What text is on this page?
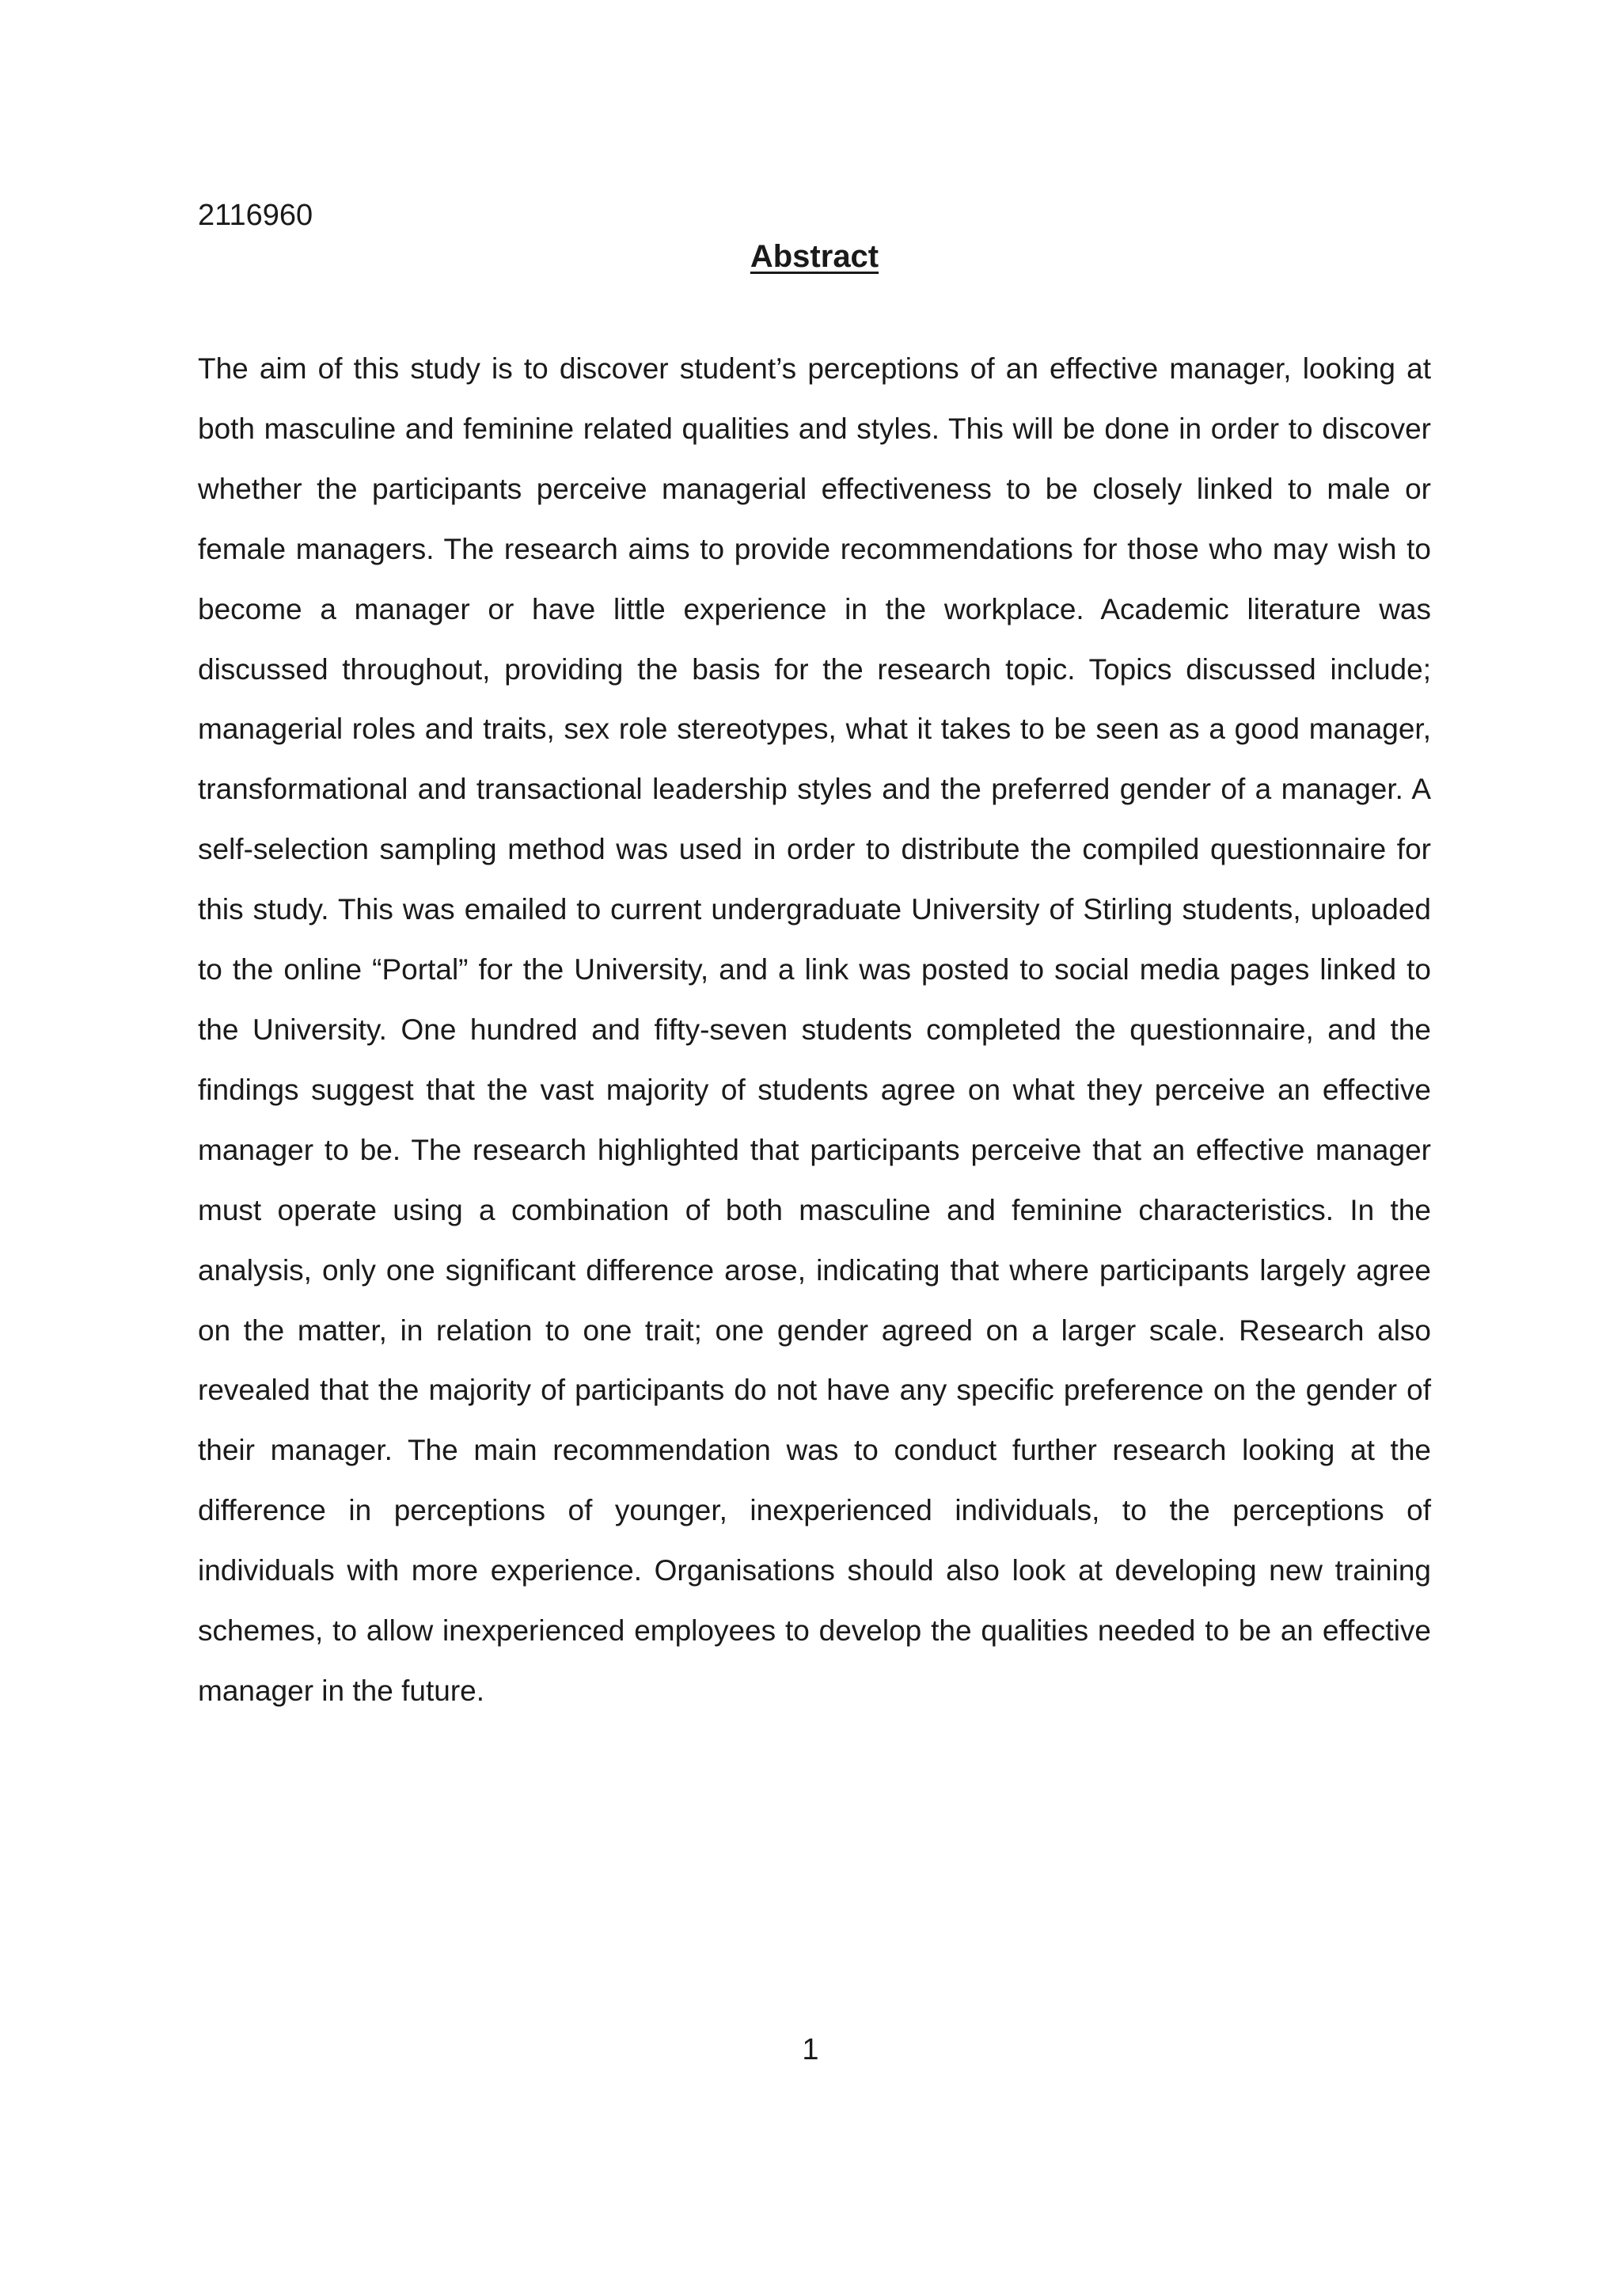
2116960

Abstract

The aim of this study is to discover student’s perceptions of an effective manager, looking at both masculine and feminine related qualities and styles. This will be done in order to discover whether the participants perceive managerial effectiveness to be closely linked to male or female managers. The research aims to provide recommendations for those who may wish to become a manager or have little experience in the workplace. Academic literature was discussed throughout, providing the basis for the research topic. Topics discussed include; managerial roles and traits, sex role stereotypes, what it takes to be seen as a good manager, transformational and transactional leadership styles and the preferred gender of a manager. A self-selection sampling method was used in order to distribute the compiled questionnaire for this study. This was emailed to current undergraduate University of Stirling students, uploaded to the online “Portal” for the University, and a link was posted to social media pages linked to the University. One hundred and fifty-seven students completed the questionnaire, and the findings suggest that the vast majority of students agree on what they perceive an effective manager to be. The research highlighted that participants perceive that an effective manager must operate using a combination of both masculine and feminine characteristics. In the analysis, only one significant difference arose, indicating that where participants largely agree on the matter, in relation to one trait; one gender agreed on a larger scale. Research also revealed that the majority of participants do not have any specific preference on the gender of their manager. The main recommendation was to conduct further research looking at the difference in perceptions of younger, inexperienced individuals, to the perceptions of individuals with more experience. Organisations should also look at developing new training schemes, to allow inexperienced employees to develop the qualities needed to be an effective manager in the future.

1
